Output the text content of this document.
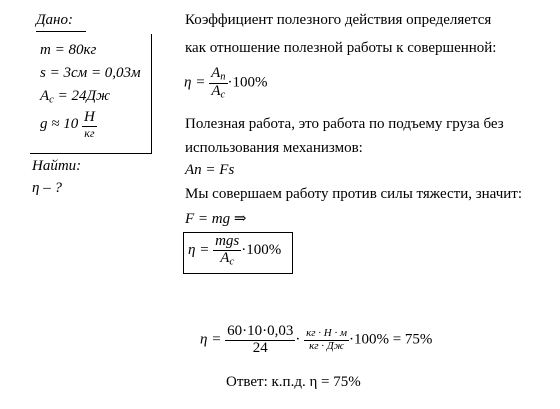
Дано:
m = 80кг
s = 3см = 0,03м
$A_с = 24Дж$
$g \approx 10 \frac{H}{кг}$
Найти:
η – ?
Коэффициент полезного действия определяется
как отношение полезной работы к совершенной:
$\eta = \frac{A_п}{A_с} \cdot 100\%$
Полезная работа, это работа по подъему груза без
использования механизмов:
An = Fs
Мы совершаем работу против силы тяжести, значит:
F = mg ⇒
$\eta = \frac{\text{mgs}}{A_с} \cdot 100\%$
$\eta = \frac{60\cdot 10\cdot 0,03}{24} \cdot \frac{кг \cdot Н \cdot м}{кг \cdot Дж} \cdot 100\% = 75\%$
Ответ: к.п.д. η = 75%
